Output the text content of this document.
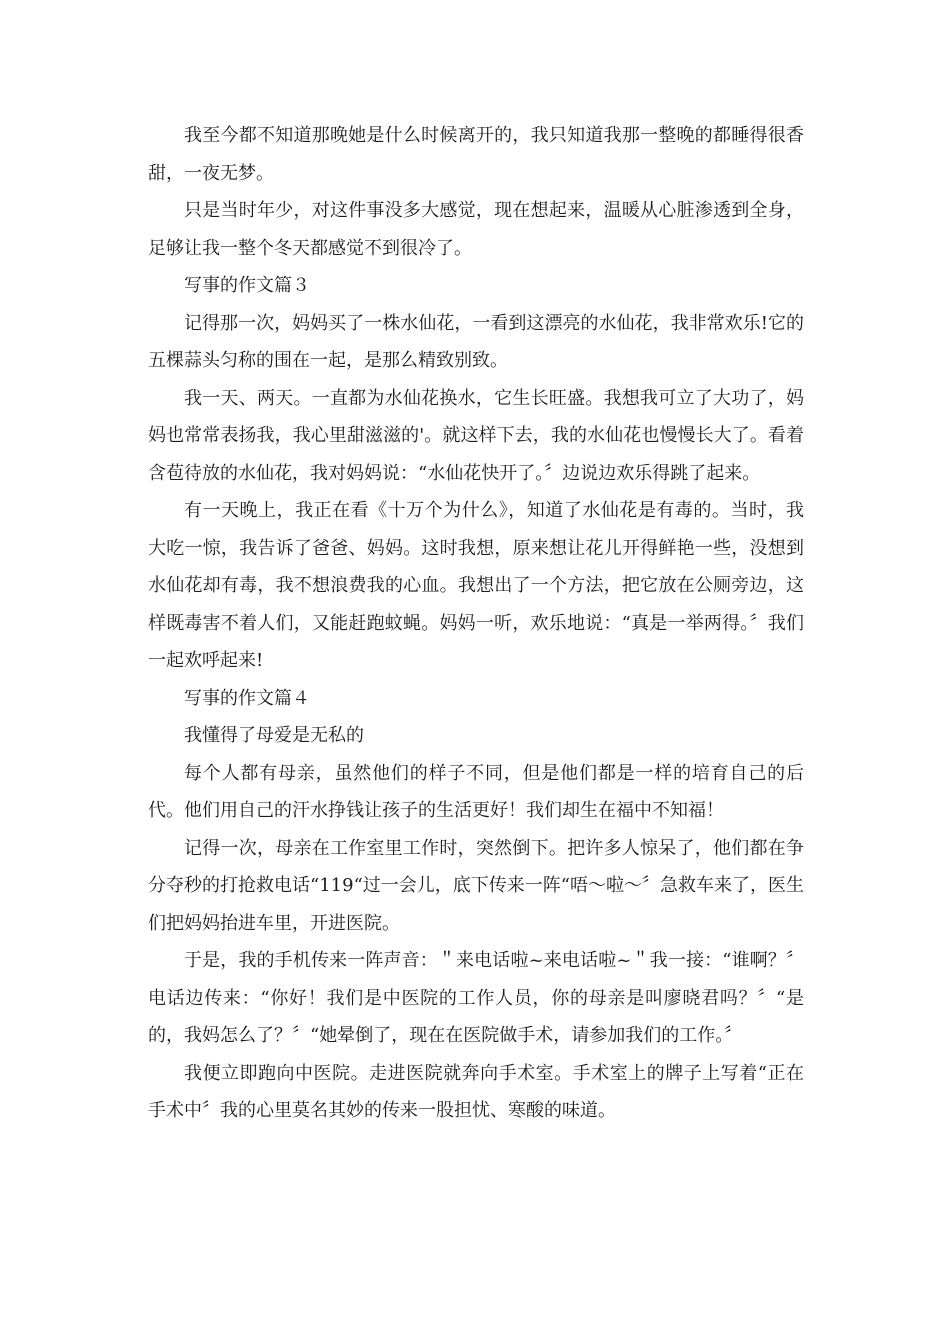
我至今都不知道那晚她是什么时候离开的，我只知道我那一整晚的都睡得很香甜，一夜无梦。

只是当时年少，对这件事没多大感觉，现在想起来，温暖从心脏渗透到全身，足够让我一整个冬天都感觉不到很冷了。

写事的作文篇３

记得那一次，妈妈买了一株水仙花，一看到这漂亮的水仙花，我非常欢乐!它的五棵蒜头匀称的围在一起，是那么精致别致。

我一天、两天。一直都为水仙花换水，它生长旺盛。我想我可立了大功了，妈妈也常常表扬我，我心里甜滋滋的'。就这样下去，我的水仙花也慢慢长大了。看着含苞待放的水仙花，我对妈妈说：“水仙花快开了。〞边说边欢乐得跳了起来。

有一天晚上，我正在看《十万个为什么》，知道了水仙花是有毒的。当时，我大吃一惊，我告诉了爸爸、妈妈。这时我想，原来想让花儿开得鲜艳一些，没想到水仙花却有毒，我不想浪费我的心血。我想出了一个方法，把它放在公厕旁边，这样既毒害不着人们，又能赶跑蚊蝇。妈妈一听，欢乐地说：“真是一举两得。〞我们一起欢呼起来!

写事的作文篇４

我懂得了母爱是无私的

每个人都有母亲，虽然他们的样子不同，但是他们都是一样的培育自己的后代。他们用自己的汗水挣钱让孩子的生活更好！我们却生在福中不知福！

记得一次，母亲在工作室里工作时，突然倒下。把许多人惊呆了，他们都在争分夺秒的打抢救电话“119“过一会儿，底下传来一阵“唔～啦～〞急救车来了，医生们把妈妈抬进车里，开进医院。

于是，我的手机传来一阵声音：＂来电话啦~来电话啦~＂我一接：“谁啊？〞电话边传来：“你好！我们是中医院的工作人员，你的母亲是叫廖晓君吗？〞“是的，我妈怎么了？〞“她晕倒了，现在在医院做手术，请参加我们的工作。〞

我便立即跑向中医院。走进医院就奔向手术室。手术室上的牌子上写着“正在手术中〞我的心里莫名其妙的传来一股担忧、寒酸的味道。
